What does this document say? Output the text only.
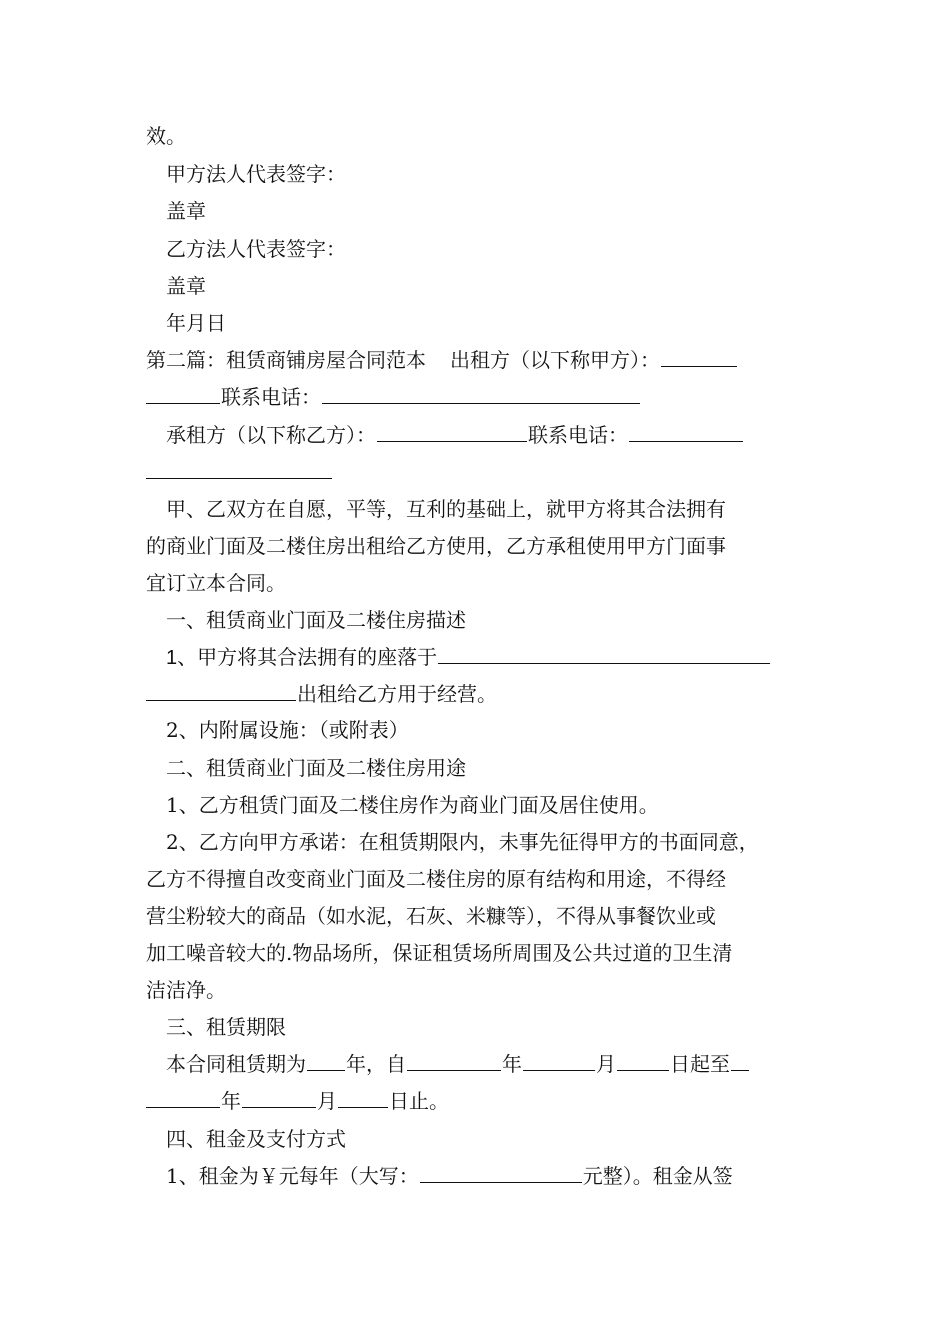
效。
甲方法人代表签字：
盖章
乙方法人代表签字：
盖章
年月日
第二篇：租赁商铺房屋合同范本 出租方（以下称甲方）：
联系电话：
承租方（以下称乙方）：	联系电话：
甲、乙双方在自愿，平等，互利的基础上，就甲方将其合法拥有
的商业门面及二楼住房出租给乙方使用，乙方承租使用甲方门面事
宜订立本合同。
一、租赁商业门面及二楼住房描述
1、甲方将其合法拥有的座落于
出租给乙方用于经营。
2、内附属设施：（或附表）
二、租赁商业门面及二楼住房用途
1、乙方租赁门面及二楼住房作为商业门面及居住使用。
2、乙方向甲方承诺：在租赁期限内，未事先征得甲方的书面同意，
乙方不得擅自改变商业门面及二楼住房的原有结构和用途，不得经
营尘粉较大的商品（如水泥，石灰、米糠等），不得从事餐饮业或
加工噪音较大的.物品场所，保证租赁场所周围及公共过道的卫生清
洁洁净。
三、租赁期限
本合同租赁期为 年，自	年	月	日起至
年	月	日止。
四、租金及支付方式
1、租金为￥元每年（大写：	元整）。租金从签
